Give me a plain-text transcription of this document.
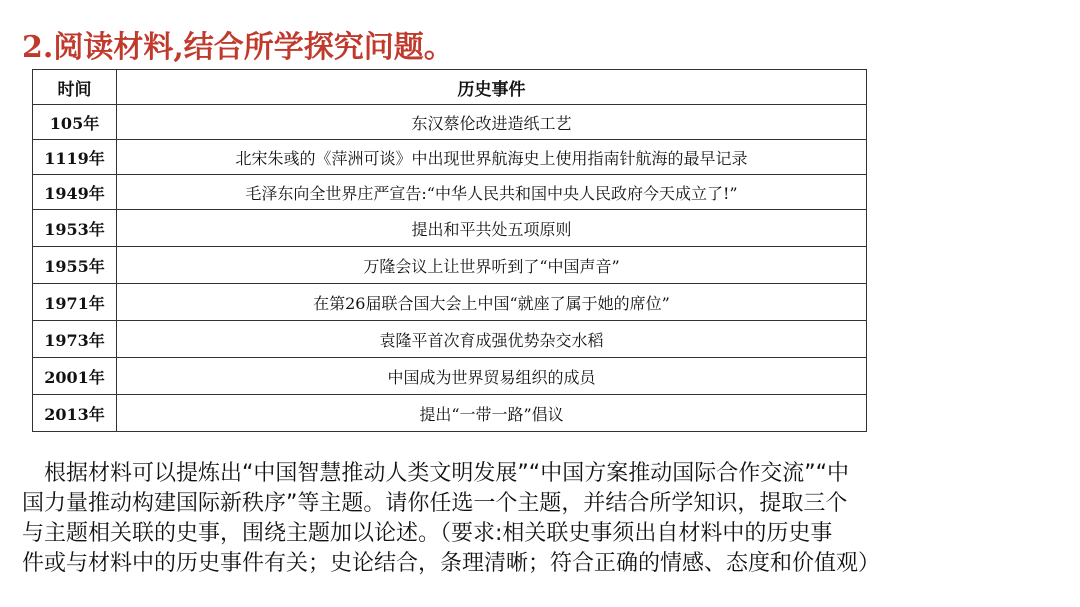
2.阅读材料,结合所学探究问题。
时间	历史事件
105年	东汉蔡伦改进造纸工艺
1119年	北宋朱彧的《萍洲可谈》中出现世界航海史上使用指南针航海的最早记录
1949年	毛泽东向全世界庄严宣告:“中华人民共和国中央人民政府今天成立了!”
1953年	提出和平共处五项原则
1955年	万隆会议上让世界听到了“中国声音”
1971年	在第26届联合国大会上中国“就座了属于她的席位”
1973年	袁隆平首次育成强优势杂交水稻
2001年	中国成为世界贸易组织的成员
2013年	提出“一带一路”倡议
根据材料可以提炼出“中国智慧推动人类文明发展”“中国方案推动国际合作交流”“中
国力量推动构建国际新秩序”等主题。请你任选一个主题，并结合所学知识，提取三个
与主题相关联的史事，围绕主题加以论述。（要求:相关联史事须出自材料中的历史事
件或与材料中的历史事件有关；史论结合，条理清晰；符合正确的情感、态度和价值观）
